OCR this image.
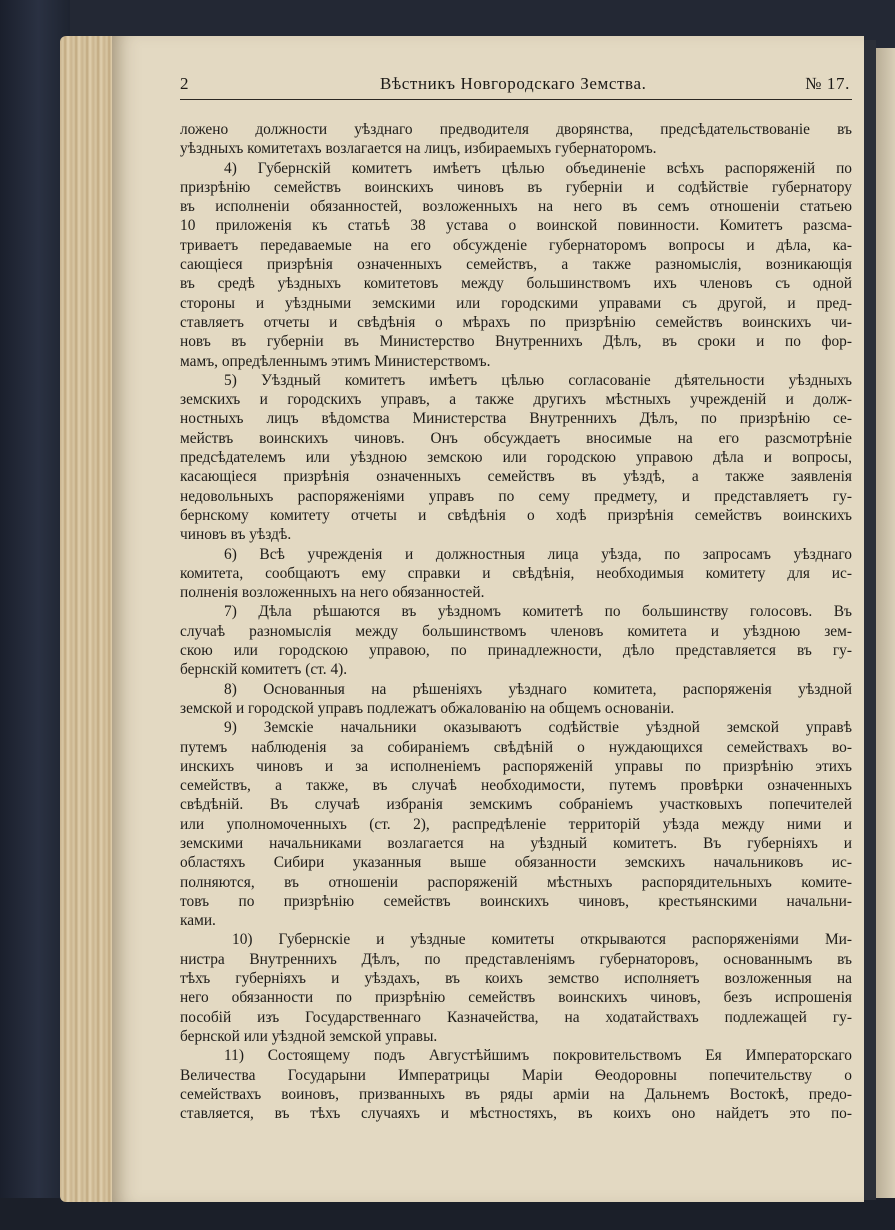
2	Вѣстникъ Новгородскаго Земства.	№ 17.
ложено должности уѣзднаго предводителя дворянства, предсѣдательствованіе въ
уѣздныхъ комитетахъ возлагается на лицъ, избираемыхъ губернаторомъ.
4) Губернскій комитетъ имѣетъ цѣлью объединеніе всѣхъ распоряженій по
призрѣнію семействъ воинскихъ чиновъ въ губерніи и содѣйствіе губернатору
въ исполненіи обязанностей, возложенныхъ на него въ семъ отношеніи статьею
10 приложенія къ статьѣ 38 устава о воинской повинности. Комитетъ разсма-
триваетъ передаваемые на его обсужденіе губернаторомъ вопросы и дѣла, ка-
сающіеся призрѣнія означенныхъ семействъ, а также разномыслія, возникающія
въ средѣ уѣздныхъ комитетовъ между большинствомъ ихъ членовъ съ одной
стороны и уѣздными земскими или городскими управами съ другой, и пред-
ставляетъ отчеты и свѣдѣнія о мѣрахъ по призрѣнію семействъ воинскихъ чи-
новъ въ губерніи въ Министерство Внутреннихъ Дѣлъ, въ сроки и по фор-
мамъ, опредѣленнымъ этимъ Министерствомъ.
5) Уѣздный комитетъ имѣетъ цѣлью согласованіе дѣятельности уѣздныхъ
земскихъ и городскихъ управъ, а также другихъ мѣстныхъ учрежденій и долж-
ностныхъ лицъ вѣдомства Министерства Внутреннихъ Дѣлъ, по призрѣнію се-
мействъ воинскихъ чиновъ. Онъ обсуждаетъ вносимые на его разсмотрѣніе
предсѣдателемъ или уѣздною земскою или городскою управою дѣла и вопросы,
касающіеся призрѣнія означенныхъ семействъ въ уѣздѣ, а также заявленія
недовольныхъ распоряженіями управъ по сему предмету, и представляетъ гу-
бернскому комитету отчеты и свѣдѣнія о ходѣ призрѣнія семействъ воинскихъ
чиновъ въ уѣздѣ.
6) Всѣ учрежденія и должностныя лица уѣзда, по запросамъ уѣзднаго
комитета, сообщаютъ ему справки и свѣдѣнія, необходимыя комитету для ис-
полненія возложенныхъ на него обязанностей.
7) Дѣла рѣшаются въ уѣздномъ комитетѣ по большинству голосовъ. Въ
случаѣ разномыслія между большинствомъ членовъ комитета и уѣздною зем-
скою или городскою управою, по принадлежности, дѣло представляется въ гу-
бернскій комитетъ (ст. 4).
8) Основанныя на рѣшеніяхъ уѣзднаго комитета, распоряженія уѣздной
земской и городской управъ подлежатъ обжалованію на общемъ основаніи.
9) Земскіе начальники оказываютъ содѣйствіе уѣздной земской управѣ
путемъ наблюденія за собираніемъ свѣдѣній о нуждающихся семействахъ во-
инскихъ чиновъ и за исполненіемъ распоряженій управы по призрѣнію этихъ
семействъ, а также, въ случаѣ необходимости, путемъ провѣрки означенныхъ
свѣдѣній. Въ случаѣ избранія земскимъ собраніемъ участковыхъ попечителей
или уполномоченныхъ (ст. 2), распредѣленіе территорій уѣзда между ними и
земскими начальниками возлагается на уѣздный комитетъ. Въ губерніяхъ и
областяхъ Сибири указанныя выше обязанности земскихъ начальниковъ ис-
полняются, въ отношеніи распоряженій мѣстныхъ распорядительныхъ комите-
товъ по призрѣнію семействъ воинскихъ чиновъ, крестьянскими начальни-
ками.
10) Губернскіе и уѣздные комитеты открываются распоряженіями Ми-
нистра Внутреннихъ Дѣлъ, по представленіямъ губернаторовъ, основаннымъ въ
тѣхъ губерніяхъ и уѣздахъ, въ коихъ земство исполняетъ возложенныя на
него обязанности по призрѣнію семействъ воинскихъ чиновъ, безъ испрошенія
пособій изъ Государственнаго Казначейства, на ходатайствахъ подлежащей гу-
бернской или уѣздной земской управы.
11) Состоящему подъ Августѣйшимъ покровительствомъ Ея Императорскаго
Величества Государыни Императрицы Маріи Ѳеодоровны попечительству о
семействахъ воиновъ, призванныхъ въ ряды арміи на Дальнемъ Востокѣ, предо-
ставляется, въ тѣхъ случаяхъ и мѣстностяхъ, въ коихъ оно найдетъ это по-
